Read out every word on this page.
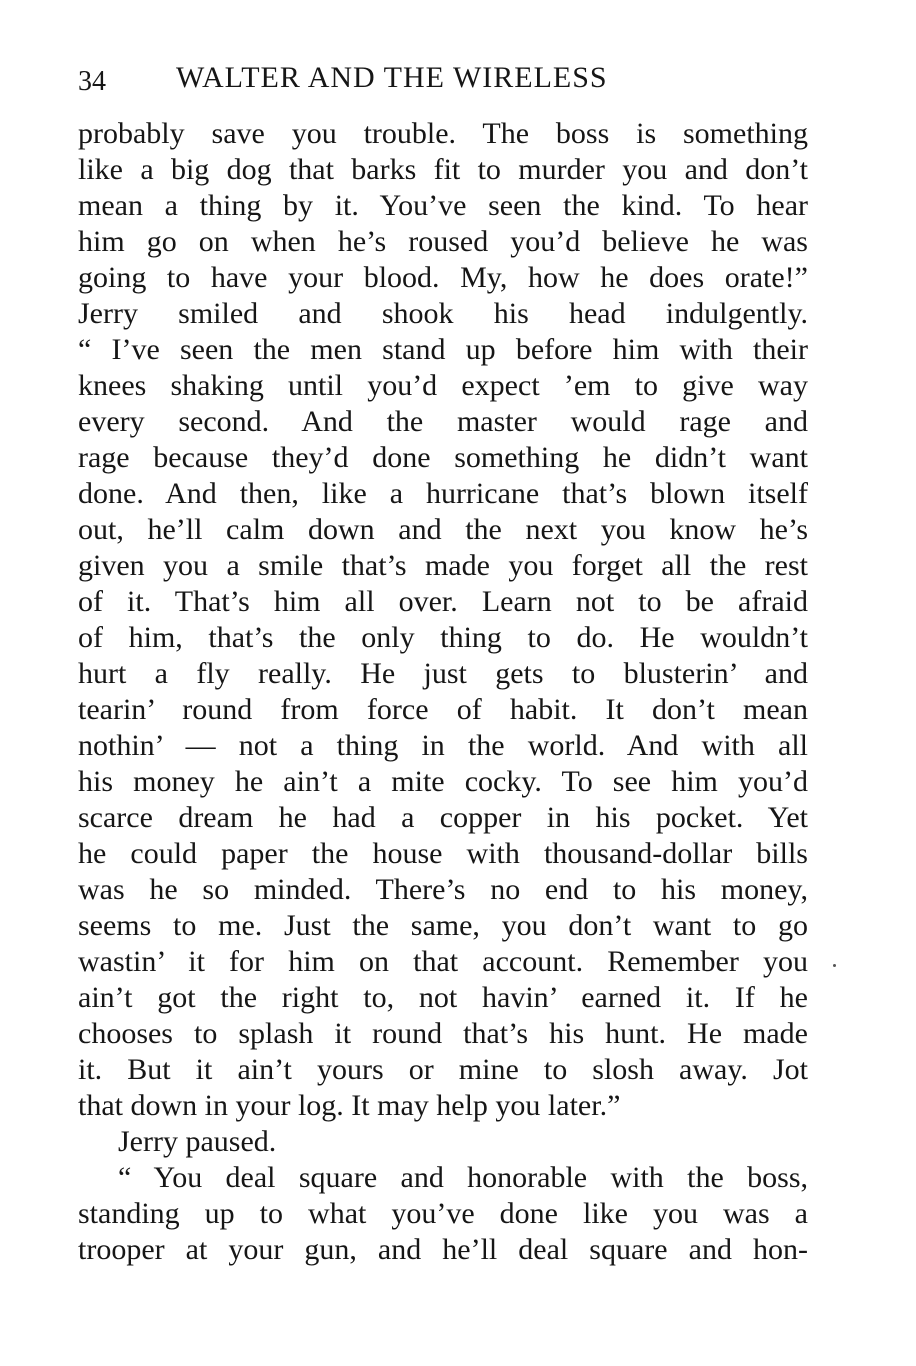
34 WALTER AND THE WIRELESS
probably save you trouble. The boss is something
like a big dog that barks fit to murder you and don’t
mean a thing by it. You’ve seen the kind. To hear
him go on when he’s roused you’d believe he was
going to have your blood. My, how he does orate!”
Jerry smiled and shook his head indulgently.
“ I’ve seen the men stand up before him with their
knees shaking until you’d expect ’em to give way
every second. And the master would rage and
rage because they’d done something he didn’t want
done. And then, like a hurricane that’s blown itself
out, he’ll calm down and the next you know he’s
given you a smile that’s made you forget all the rest
of it. That’s him all over. Learn not to be afraid
of him, that’s the only thing to do. He wouldn’t
hurt a fly really. He just gets to blusterin’ and
tearin’ round from force of habit. It don’t mean
nothin’ — not a thing in the world. And with all
his money he ain’t a mite cocky. To see him you’d
scarce dream he had a copper in his pocket. Yet
he could paper the house with thousand-dollar bills
was he so minded. There’s no end to his money,
seems to me. Just the same, you don’t want to go
wastin’ it for him on that account. Remember you
ain’t got the right to, not havin’ earned it. If he
chooses to splash it round that’s his hunt. He made
it. But it ain’t yours or mine to slosh away. Jot
that down in your log. It may help you later.”
Jerry paused.
“ You deal square and honorable with the boss,
standing up to what you’ve done like you was a
trooper at your gun, and he’ll deal square and hon-
